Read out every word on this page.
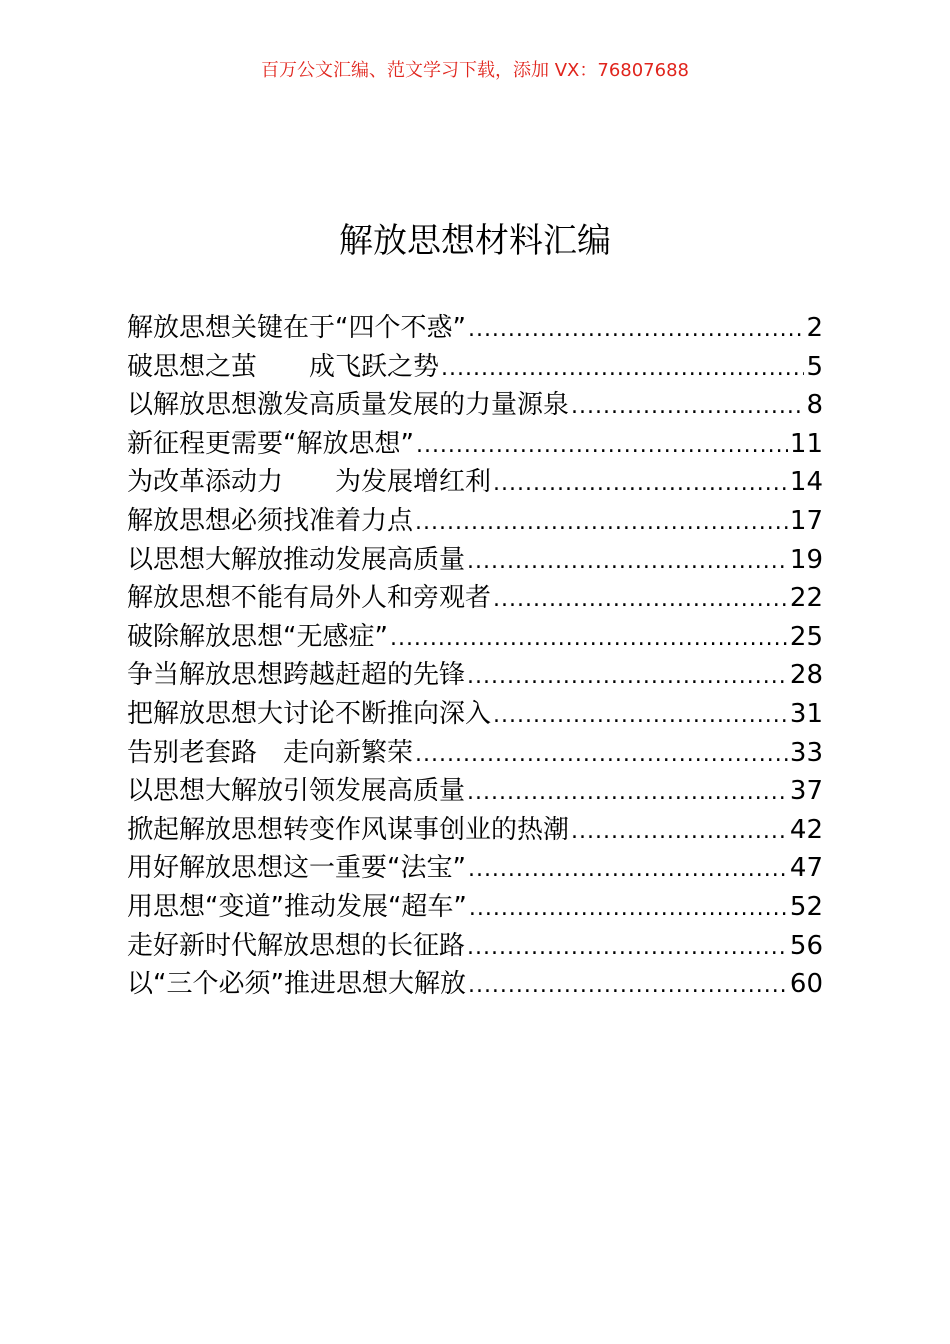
百万公文汇编、范文学习下载，添加 VX：76807688
解放思想材料汇编
解放思想关键在于“四个不惑” .....	2
破思想之茧　　成飞跃之势 .....	5
以解放思想激发高质量发展的力量源泉 .....	8
新征程更需要“解放思想” .....	11
为改革添动力　　为发展增红利 .....	14
解放思想必须找准着力点 .....	17
以思想大解放推动发展高质量 .....	19
解放思想不能有局外人和旁观者 .....	22
破除解放思想“无感症” .....	25
争当解放思想跨越赶超的先锋 .....	28
把解放思想大讨论不断推向深入 .....	31
告别老套路　走向新繁荣 .....	33
以思想大解放引领发展高质量 .....	37
掀起解放思想转变作风谋事创业的热潮 .....	42
用好解放思想这一重要“法宝” .....	47
用思想“变道”推动发展“超车” .....	52
走好新时代解放思想的长征路 .....	56
以“三个必须”推进思想大解放 .....	60
